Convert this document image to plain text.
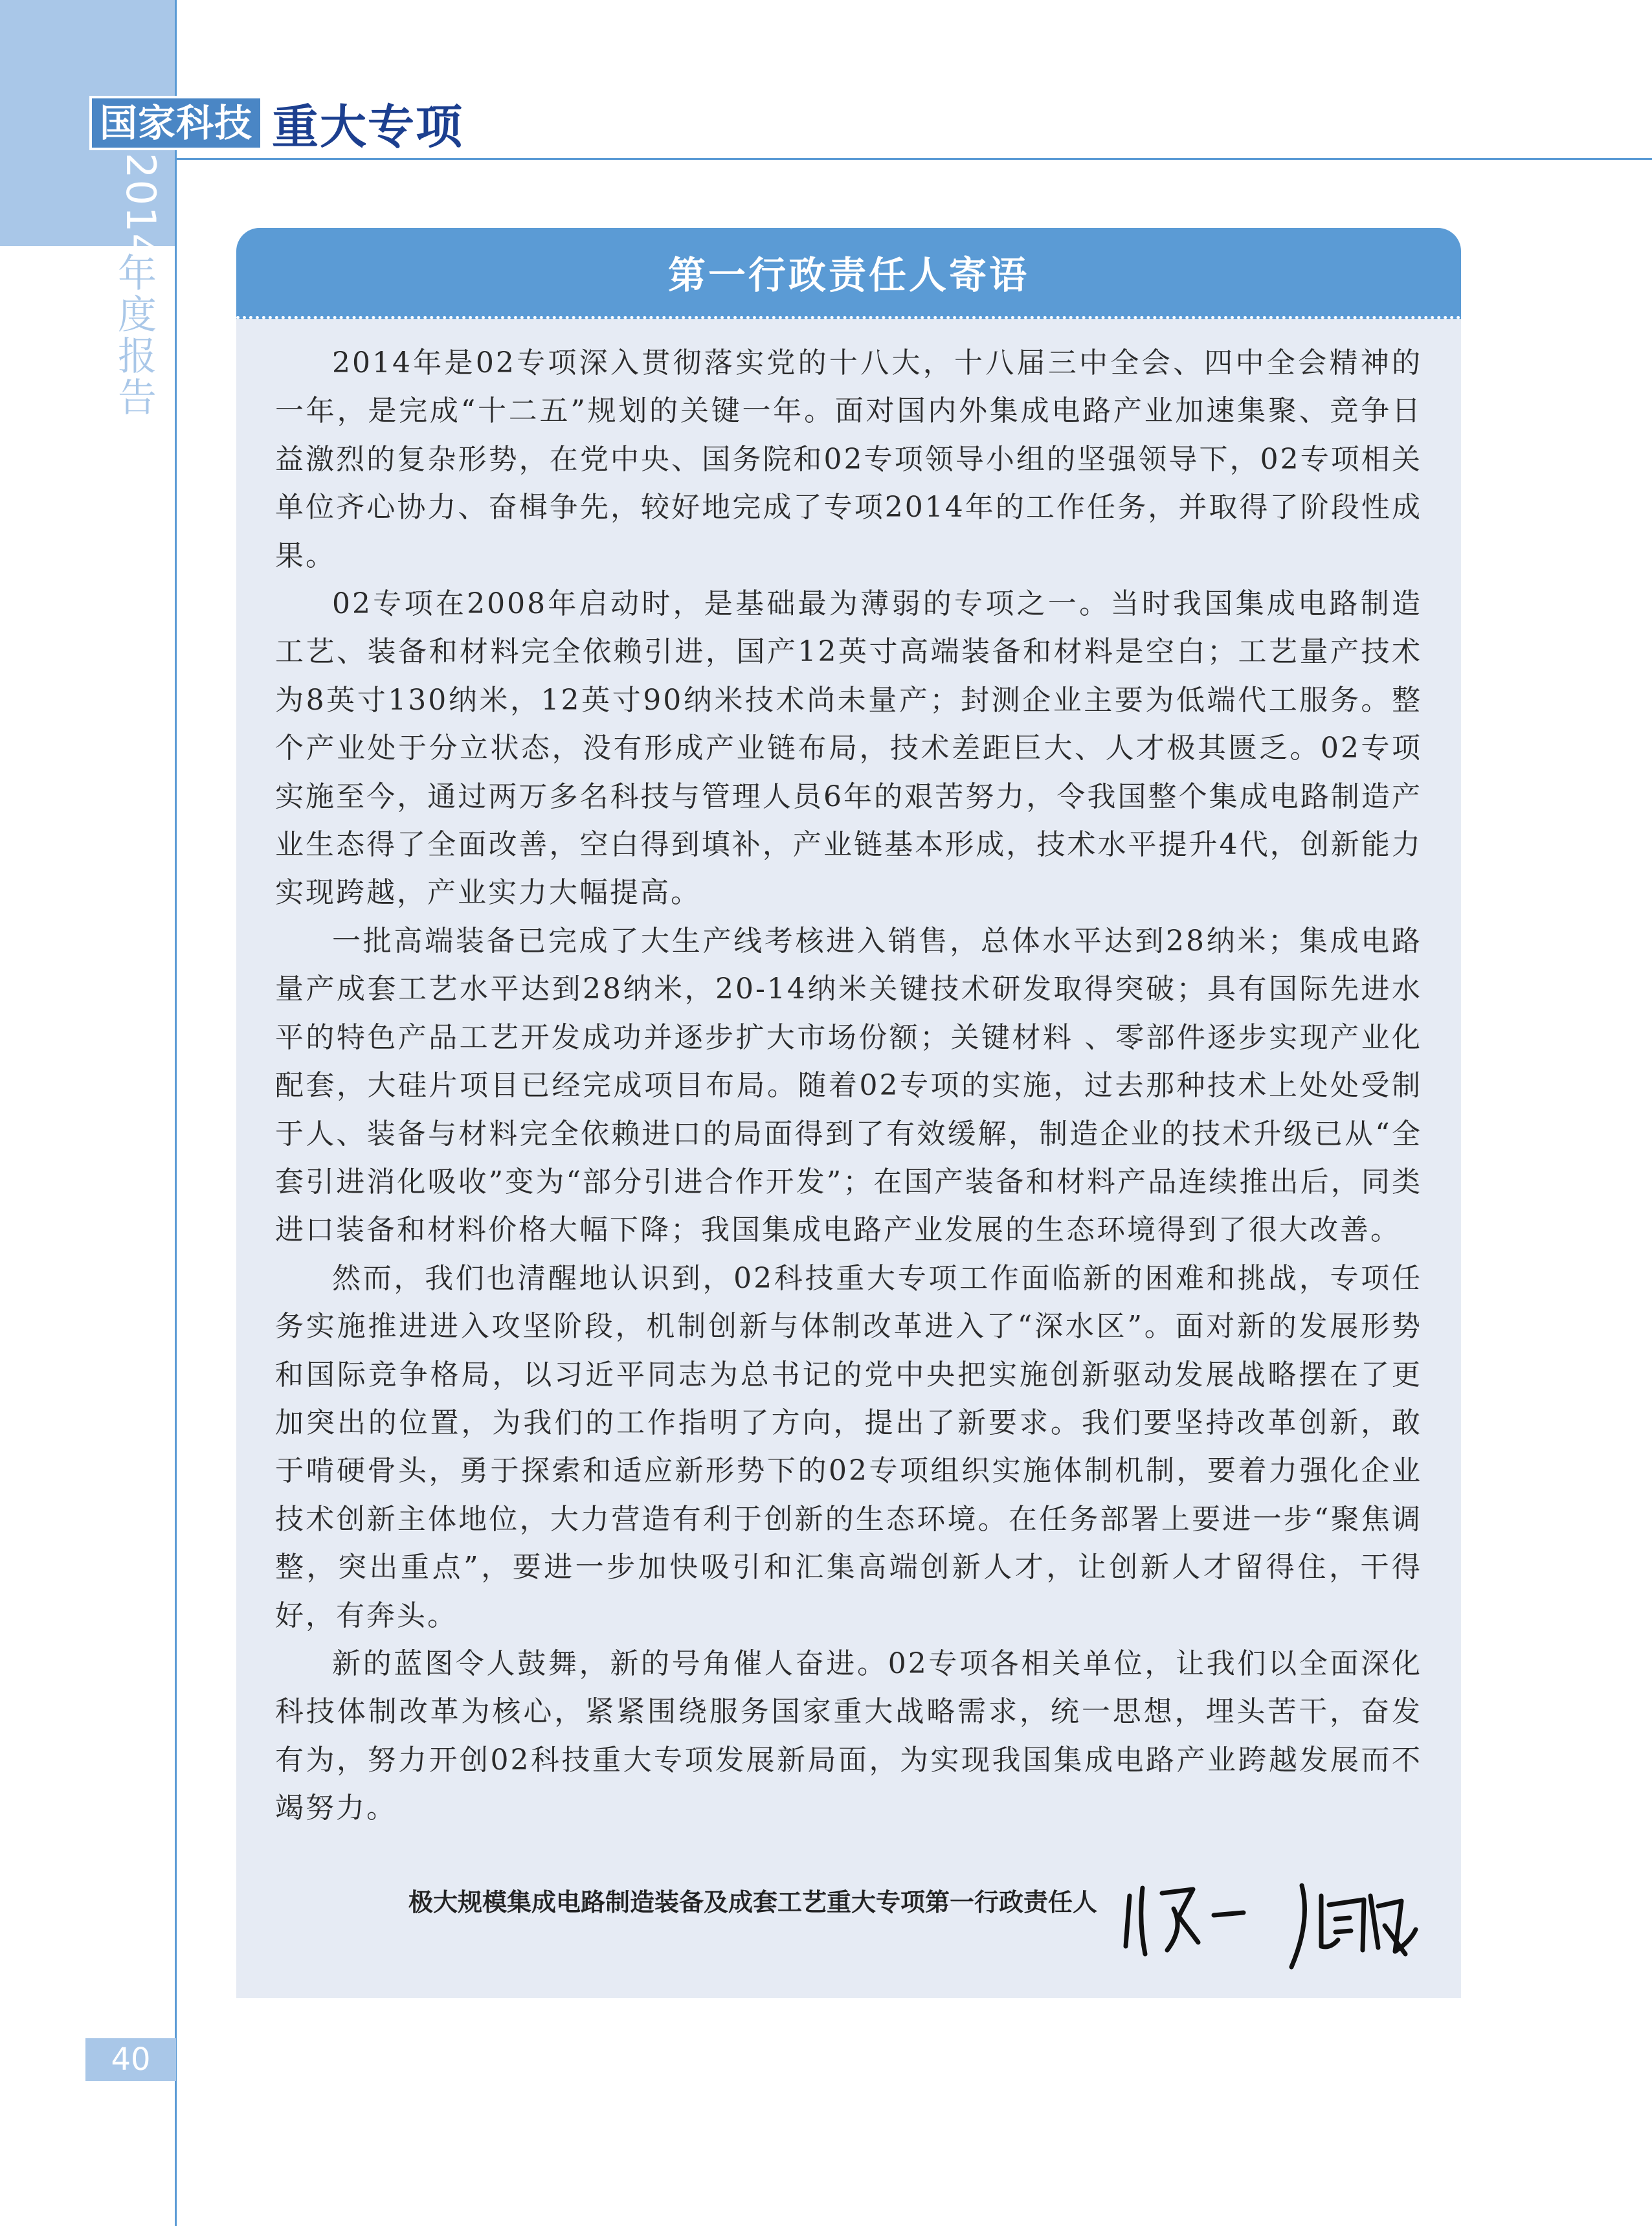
2014
年度报告
40
国家科技 重大专项
第一行政责任人寄语

2014年是02专项深入贯彻落实党的十八大，十八届三中全会、四中全会精神的一年，是完成“十二五”规划的关键一年。面对国内外集成电路产业加速集聚、竞争日益激烈的复杂形势，在党中央、国务院和02专项领导小组的坚强领导下，02专项相关单位齐心协力、奋楫争先，较好地完成了专项2014年的工作任务，并取得了阶段性成果。

02专项在2008年启动时，是基础最为薄弱的专项之一。当时我国集成电路制造工艺、装备和材料完全依赖引进，国产12英寸高端装备和材料是空白；工艺量产技术为8英寸130纳米，12英寸90纳米技术尚未量产；封测企业主要为低端代工服务。整个产业处于分立状态，没有形成产业链布局，技术差距巨大、人才极其匮乏。02专项实施至今，通过两万多名科技与管理人员6年的艰苦努力，令我国整个集成电路制造产业生态得了全面改善，空白得到填补，产业链基本形成，技术水平提升4代，创新能力实现跨越，产业实力大幅提高。

一批高端装备已完成了大生产线考核进入销售，总体水平达到28纳米；集成电路量产成套工艺水平达到28纳米，20-14纳米关键技术研发取得突破；具有国际先进水平的特色产品工艺开发成功并逐步扩大市场份额；关键材料 、零部件逐步实现产业化配套，大硅片项目已经完成项目布局。随着02专项的实施，过去那种技术上处处受制于人、装备与材料完全依赖进口的局面得到了有效缓解，制造企业的技术升级已从“全套引进消化吸收”变为“部分引进合作开发”；在国产装备和材料产品连续推出后，同类进口装备和材料价格大幅下降；我国集成电路产业发展的生态环境得到了很大改善。

然而，我们也清醒地认识到，02科技重大专项工作面临新的困难和挑战，专项任务实施推进进入攻坚阶段，机制创新与体制改革进入了“深水区”。面对新的发展形势和国际竞争格局，以习近平同志为总书记的党中央把实施创新驱动发展战略摆在了更加突出的位置，为我们的工作指明了方向，提出了新要求。我们要坚持改革创新，敢于啃硬骨头，勇于探索和适应新形势下的02专项组织实施体制机制，要着力强化企业技术创新主体地位，大力营造有利于创新的生态环境。在任务部署上要进一步“聚焦调整，突出重点”，要进一步加快吸引和汇集高端创新人才，让创新人才留得住，干得好，有奔头。

新的蓝图令人鼓舞，新的号角催人奋进。02专项各相关单位，让我们以全面深化科技体制改革为核心，紧紧围绕服务国家重大战略需求，统一思想，埋头苦干，奋发有为，努力开创02科技重大专项发展新局面，为实现我国集成电路产业跨越发展而不竭努力。

极大规模集成电路制造装备及成套工艺重大专项第一行政责任人
